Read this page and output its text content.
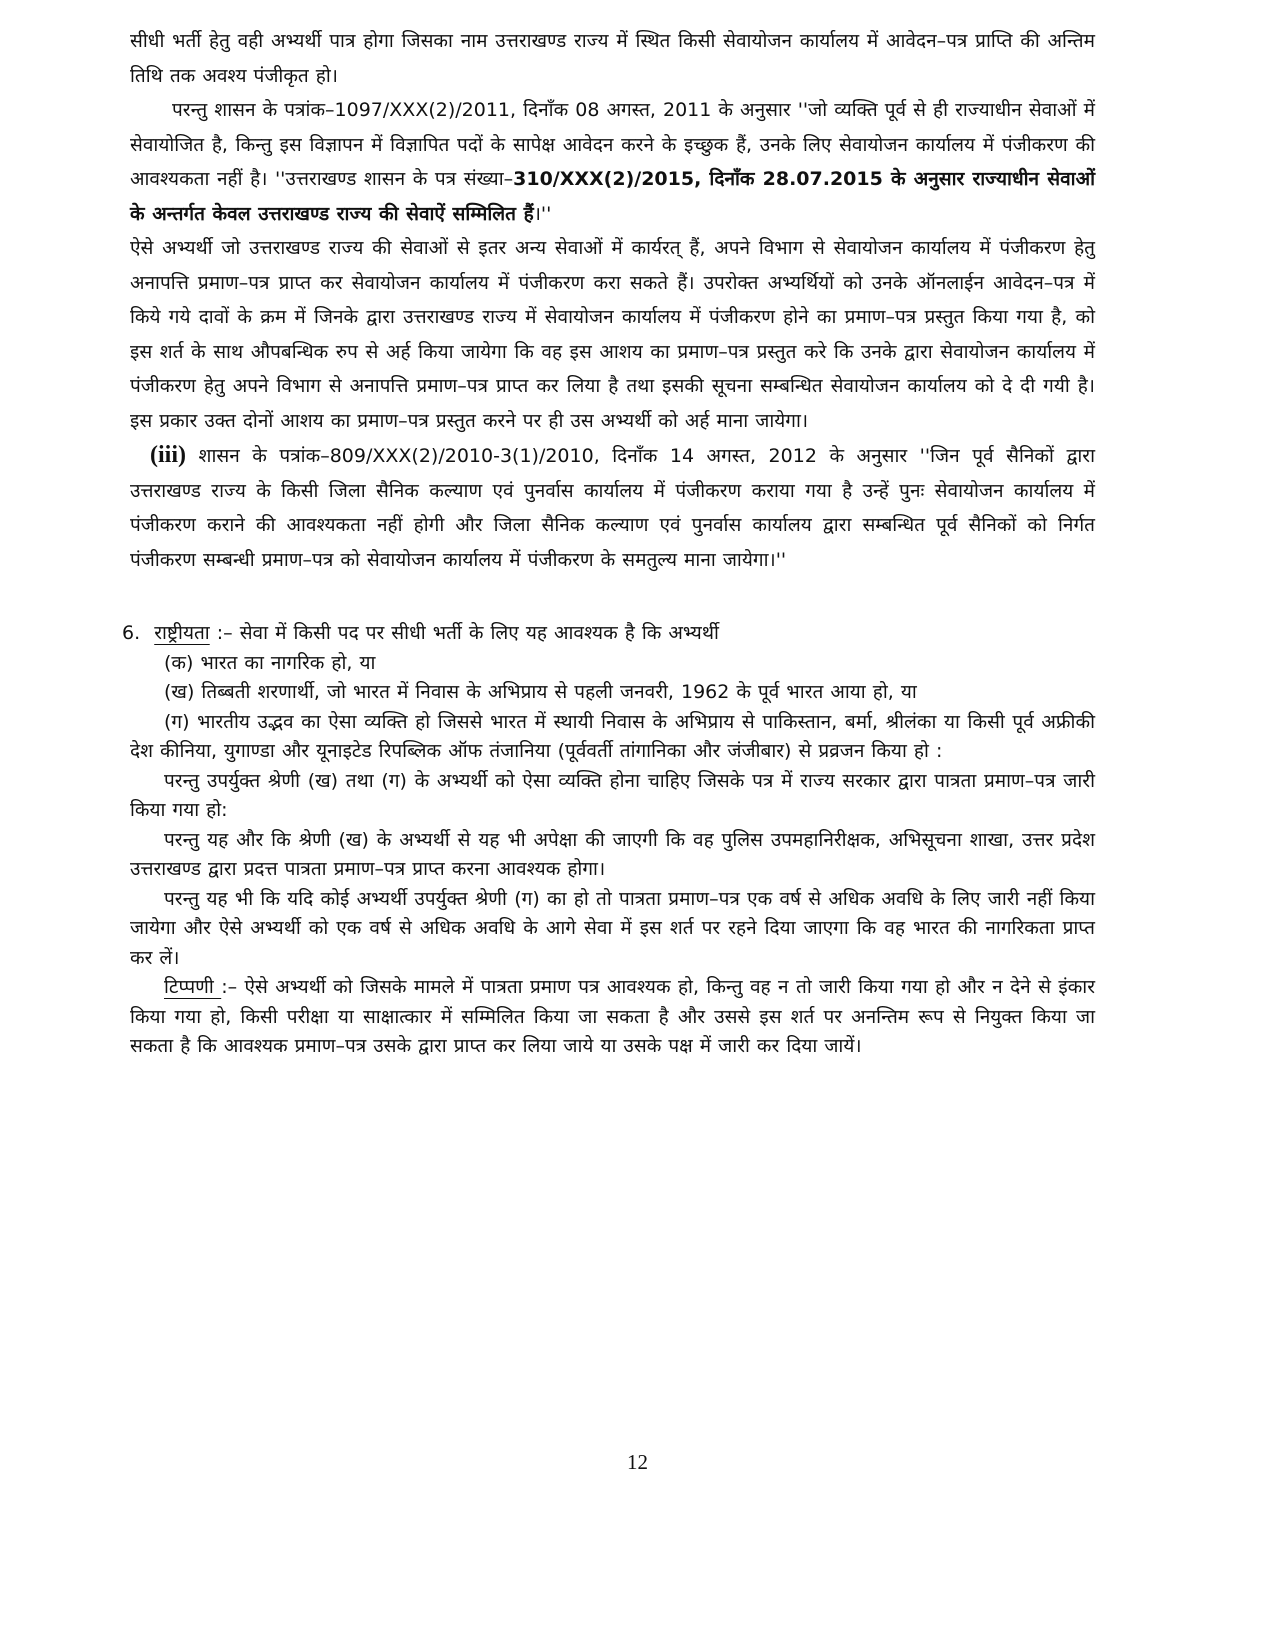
सीधी भर्ती हेतु वही अभ्यर्थी पात्र होगा जिसका नाम उत्तराखण्ड राज्य में स्थित किसी सेवायोजन कार्यालय में आवेदन–पत्र प्राप्ति की अन्तिम तिथि तक अवश्य पंजीकृत हो।

परन्तु शासन के पत्रांक–1097/XXX(2)/2011, दिनाँक 08 अगस्त, 2011 के अनुसार ''जो व्यक्ति पूर्व से ही राज्याधीन सेवाओं में सेवायोजित है, किन्तु इस विज्ञापन में विज्ञापित पदों के सापेक्ष आवेदन करने के इच्छुक हैं, उनके लिए सेवायोजन कार्यालय में पंजीकरण की आवश्यकता नहीं है। ''उत्तराखण्ड शासन के पत्र संख्या–310/XXX(2)/2015, दिनाँक 28.07.2015 के अनुसार राज्याधीन सेवाओं के अन्तर्गत केवल उत्तराखण्ड राज्य की सेवाऐं सम्मिलित हैं।''

ऐसे अभ्यर्थी जो उत्तराखण्ड राज्य की सेवाओं से इतर अन्य सेवाओं में कार्यरत् हैं, अपने विभाग से सेवायोजन कार्यालय में पंजीकरण हेतु अनापत्ति प्रमाण–पत्र प्राप्त कर सेवायोजन कार्यालय में पंजीकरण करा सकते हैं। उपरोक्त अभ्यर्थियों को उनके ऑनलाईन आवेदन–पत्र में किये गये दावों के क्रम में जिनके द्वारा उत्तराखण्ड राज्य में सेवायोजन कार्यालय में पंजीकरण होने का प्रमाण–पत्र प्रस्तुत किया गया है, को इस शर्त के साथ औपबन्धिक रुप से अर्ह किया जायेगा कि वह इस आशय का प्रमाण–पत्र प्रस्तुत करे कि उनके द्वारा सेवायोजन कार्यालय में पंजीकरण हेतु अपने विभाग से अनापत्ति प्रमाण–पत्र प्राप्त कर लिया है तथा इसकी सूचना सम्बन्धित सेवायोजन कार्यालय को दे दी गयी है। इस प्रकार उक्त दोनों आशय का प्रमाण–पत्र प्रस्तुत करने पर ही उस अभ्यर्थी को अर्ह माना जायेगा।

(iii) शासन के पत्रांक–809/XXX(2)/2010-3(1)/2010, दिनाँक 14 अगस्त, 2012 के अनुसार ''जिन पूर्व सैनिकों द्वारा उत्तराखण्ड राज्य के किसी जिला सैनिक कल्याण एवं पुनर्वास कार्यालय में पंजीकरण कराया गया है उन्हें पुनः सेवायोजन कार्यालय में पंजीकरण कराने की आवश्यकता नहीं होगी और जिला सैनिक कल्याण एवं पुनर्वास कार्यालय द्वारा सम्बन्धित पूर्व सैनिकों को निर्गत पंजीकरण सम्बन्धी प्रमाण–पत्र को सेवायोजन कार्यालय में पंजीकरण के समतुल्य माना जायेगा।''

6. राष्ट्रीयता :– सेवा में किसी पद पर सीधी भर्ती के लिए यह आवश्यक है कि अभ्यर्थी

(क) भारत का नागरिक हो, या

(ख) तिब्बती शरणार्थी, जो भारत में निवास के अभिप्राय से पहली जनवरी, 1962 के पूर्व भारत आया हो, या

(ग) भारतीय उद्भव का ऐसा व्यक्ति हो जिससे भारत में स्थायी निवास के अभिप्राय से पाकिस्तान, बर्मा, श्रीलंका या किसी पूर्व अफ्रीकी देश कीनिया, युगाण्डा और यूनाइटेड रिपब्लिक ऑफ तंजानिया (पूर्ववर्ती तांगानिका और जंजीबार) से प्रव्रजन किया हो :

परन्तु उपर्युक्त श्रेणी (ख) तथा (ग) के अभ्यर्थी को ऐसा व्यक्ति होना चाहिए जिसके पत्र में राज्य सरकार द्वारा पात्रता प्रमाण–पत्र जारी किया गया हो:

परन्तु यह और कि श्रेणी (ख) के अभ्यर्थी से यह भी अपेक्षा की जाएगी कि वह पुलिस उपमहानिरीक्षक, अभिसूचना शाखा, उत्तर प्रदेश उत्तराखण्ड द्वारा प्रदत्त पात्रता प्रमाण–पत्र प्राप्त करना आवश्यक होगा।

परन्तु यह भी कि यदि कोई अभ्यर्थी उपर्युक्त श्रेणी (ग) का हो तो पात्रता प्रमाण–पत्र एक वर्ष से अधिक अवधि के लिए जारी नहीं किया जायेगा और ऐसे अभ्यर्थी को एक वर्ष से अधिक अवधि के आगे सेवा में इस शर्त पर रहने दिया जाएगा कि वह भारत की नागरिकता प्राप्त कर लें।

टिप्पणी :– ऐसे अभ्यर्थी को जिसके मामले में पात्रता प्रमाण पत्र आवश्यक हो, किन्तु वह न तो जारी किया गया हो और न देने से इंकार किया गया हो, किसी परीक्षा या साक्षात्कार में सम्मिलित किया जा सकता है और उससे इस शर्त पर अनन्तिम रूप से नियुक्त किया जा सकता है कि आवश्यक प्रमाण–पत्र उसके द्वारा प्राप्त कर लिया जाये या उसके पक्ष में जारी कर दिया जायें।

12
